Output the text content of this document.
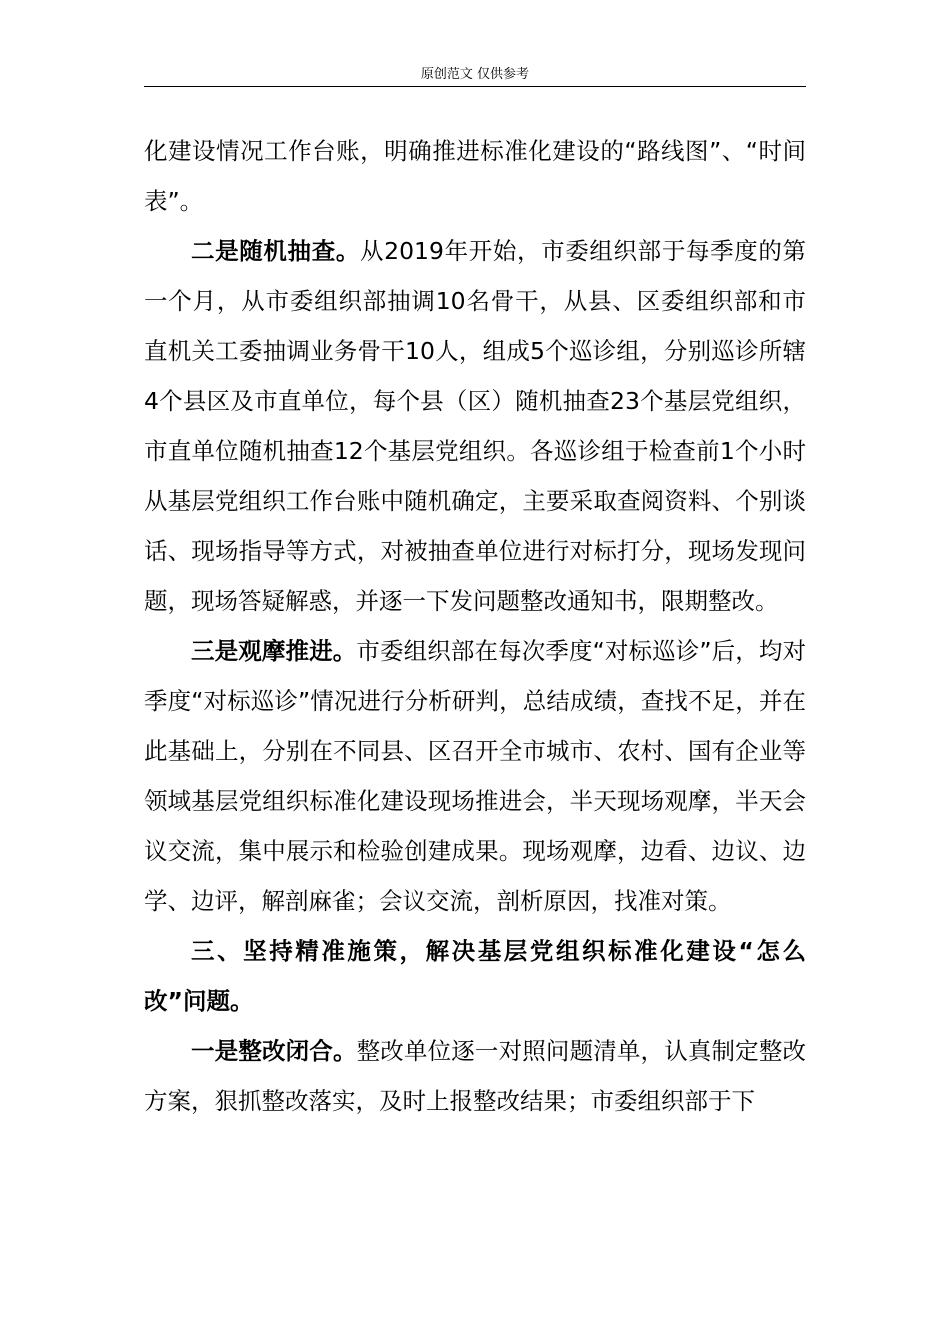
原创范文 仅供参考

化建设情况工作台账，明确推进标准化建设的“路线图”、“时间表”。

二是随机抽查。从2019年开始，市委组织部于每季度的第一个月，从市委组织部抽调10名骨干，从县、区委组织部和市直机关工委抽调业务骨干10人，组成5个巡诊组，分别巡诊所辖4个县区及市直单位，每个县（区）随机抽查23个基层党组织，市直单位随机抽查12个基层党组织。各巡诊组于检查前1个小时从基层党组织工作台账中随机确定，主要采取查阅资料、个别谈话、现场指导等方式，对被抽查单位进行对标打分，现场发现问题，现场答疑解惑，并逐一下发问题整改通知书，限期整改。

三是观摩推进。市委组织部在每次季度“对标巡诊”后，均对季度“对标巡诊”情况进行分析研判，总结成绩，查找不足，并在此基础上，分别在不同县、区召开全市城市、农村、国有企业等领域基层党组织标准化建设现场推进会，半天现场观摩，半天会议交流，集中展示和检验创建成果。现场观摩，边看、边议、边学、边评，解剖麻雀；会议交流，剖析原因，找准对策。

三、坚持精准施策，解决基层党组织标准化建设“怎么改”问题。

一是整改闭合。整改单位逐一对照问题清单，认真制定整改方案，狠抓整改落实，及时上报整改结果；市委组织部于下
